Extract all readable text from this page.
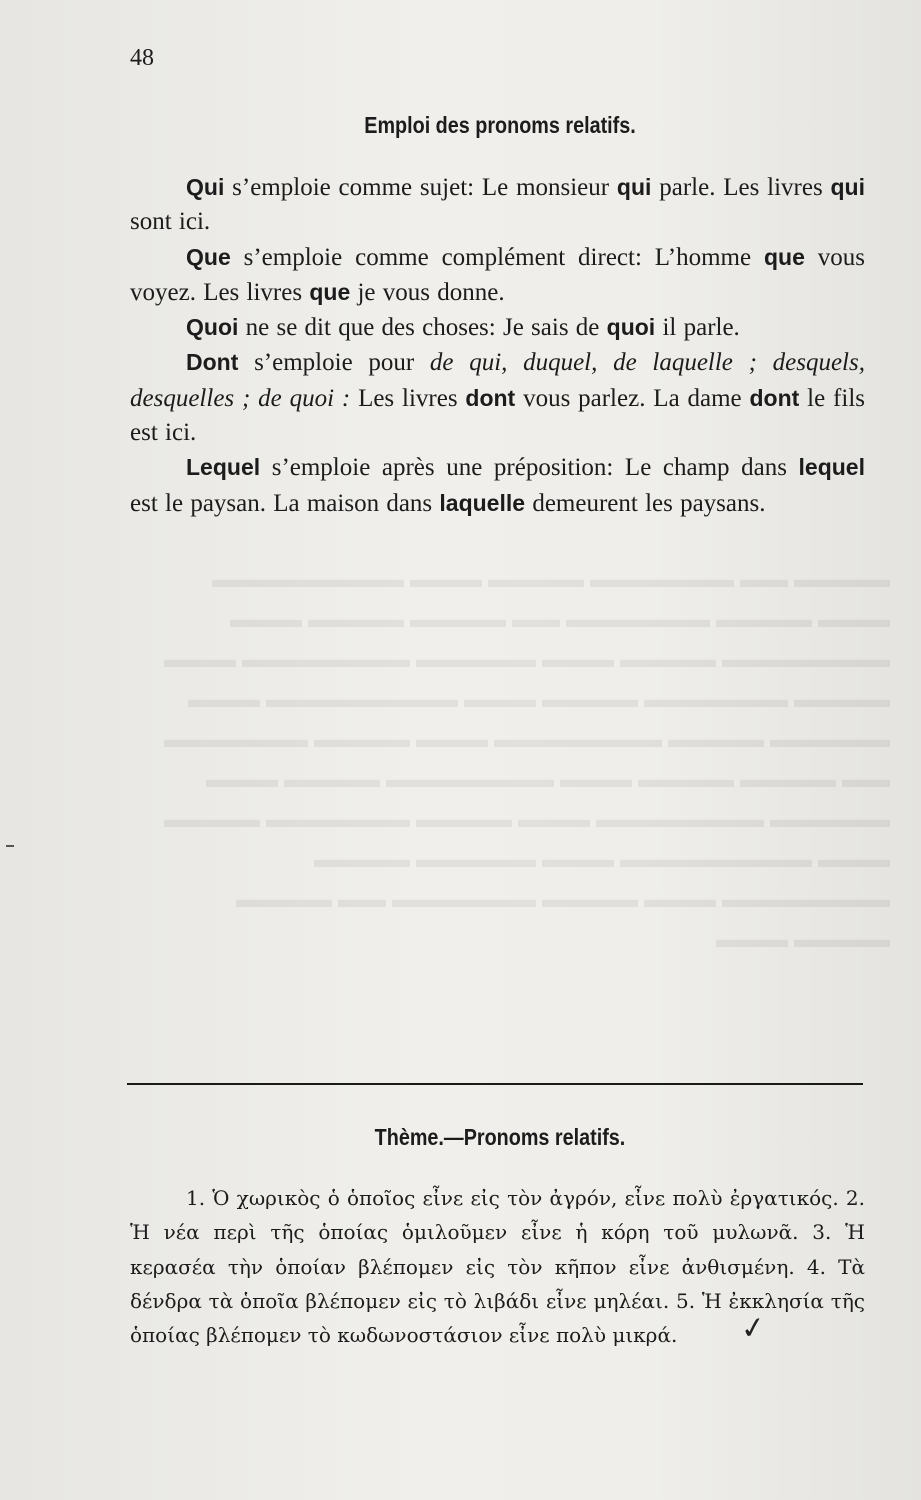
48
Emploi des pronoms relatifs.

Qui s’emploie comme sujet: Le monsieur qui parle. Les livres qui sont ici.

Que s’emploie comme complément direct: L’homme que vous voyez. Les livres que je vous donne.

Quoi ne se dit que des choses: Je sais de quoi il parle.

Dont s’emploie pour de qui, duquel, de laquelle ; desquels, desquelles ; de quoi : Les livres dont vous parlez. La dame dont le fils est ici.

Lequel s’emploie après une préposition: Le champ dans lequel est le paysan. La maison dans laquelle demeurent les paysans.

Thème.—Pronoms relatifs.

1. Ὁ χωρικὸς ὁ ὁποῖος εἶνε εἰς τὸν ἀγρόν, εἶνε πολὺ ἐργατικός. 2. Ἡ νέα περὶ τῆς ὁποίας ὁμιλοῦμεν εἶνε ἡ κόρη τοῦ μυλωνᾶ. 3. Ἡ κερασέα τὴν ὁποίαν βλέπομεν εἰς τὸν κῆπον εἶνε ἀνθισμένη. 4. Τὰ δένδρα τὰ ὁποῖα βλέπομεν εἰς τὸ λιβάδι εἶνε μηλέαι. 5. Ἡ ἐκκλησία τῆς ὁποίας βλέπομεν τὸ κωδωνοστάσιον εἶνε πολὺ μικρά. ✓
